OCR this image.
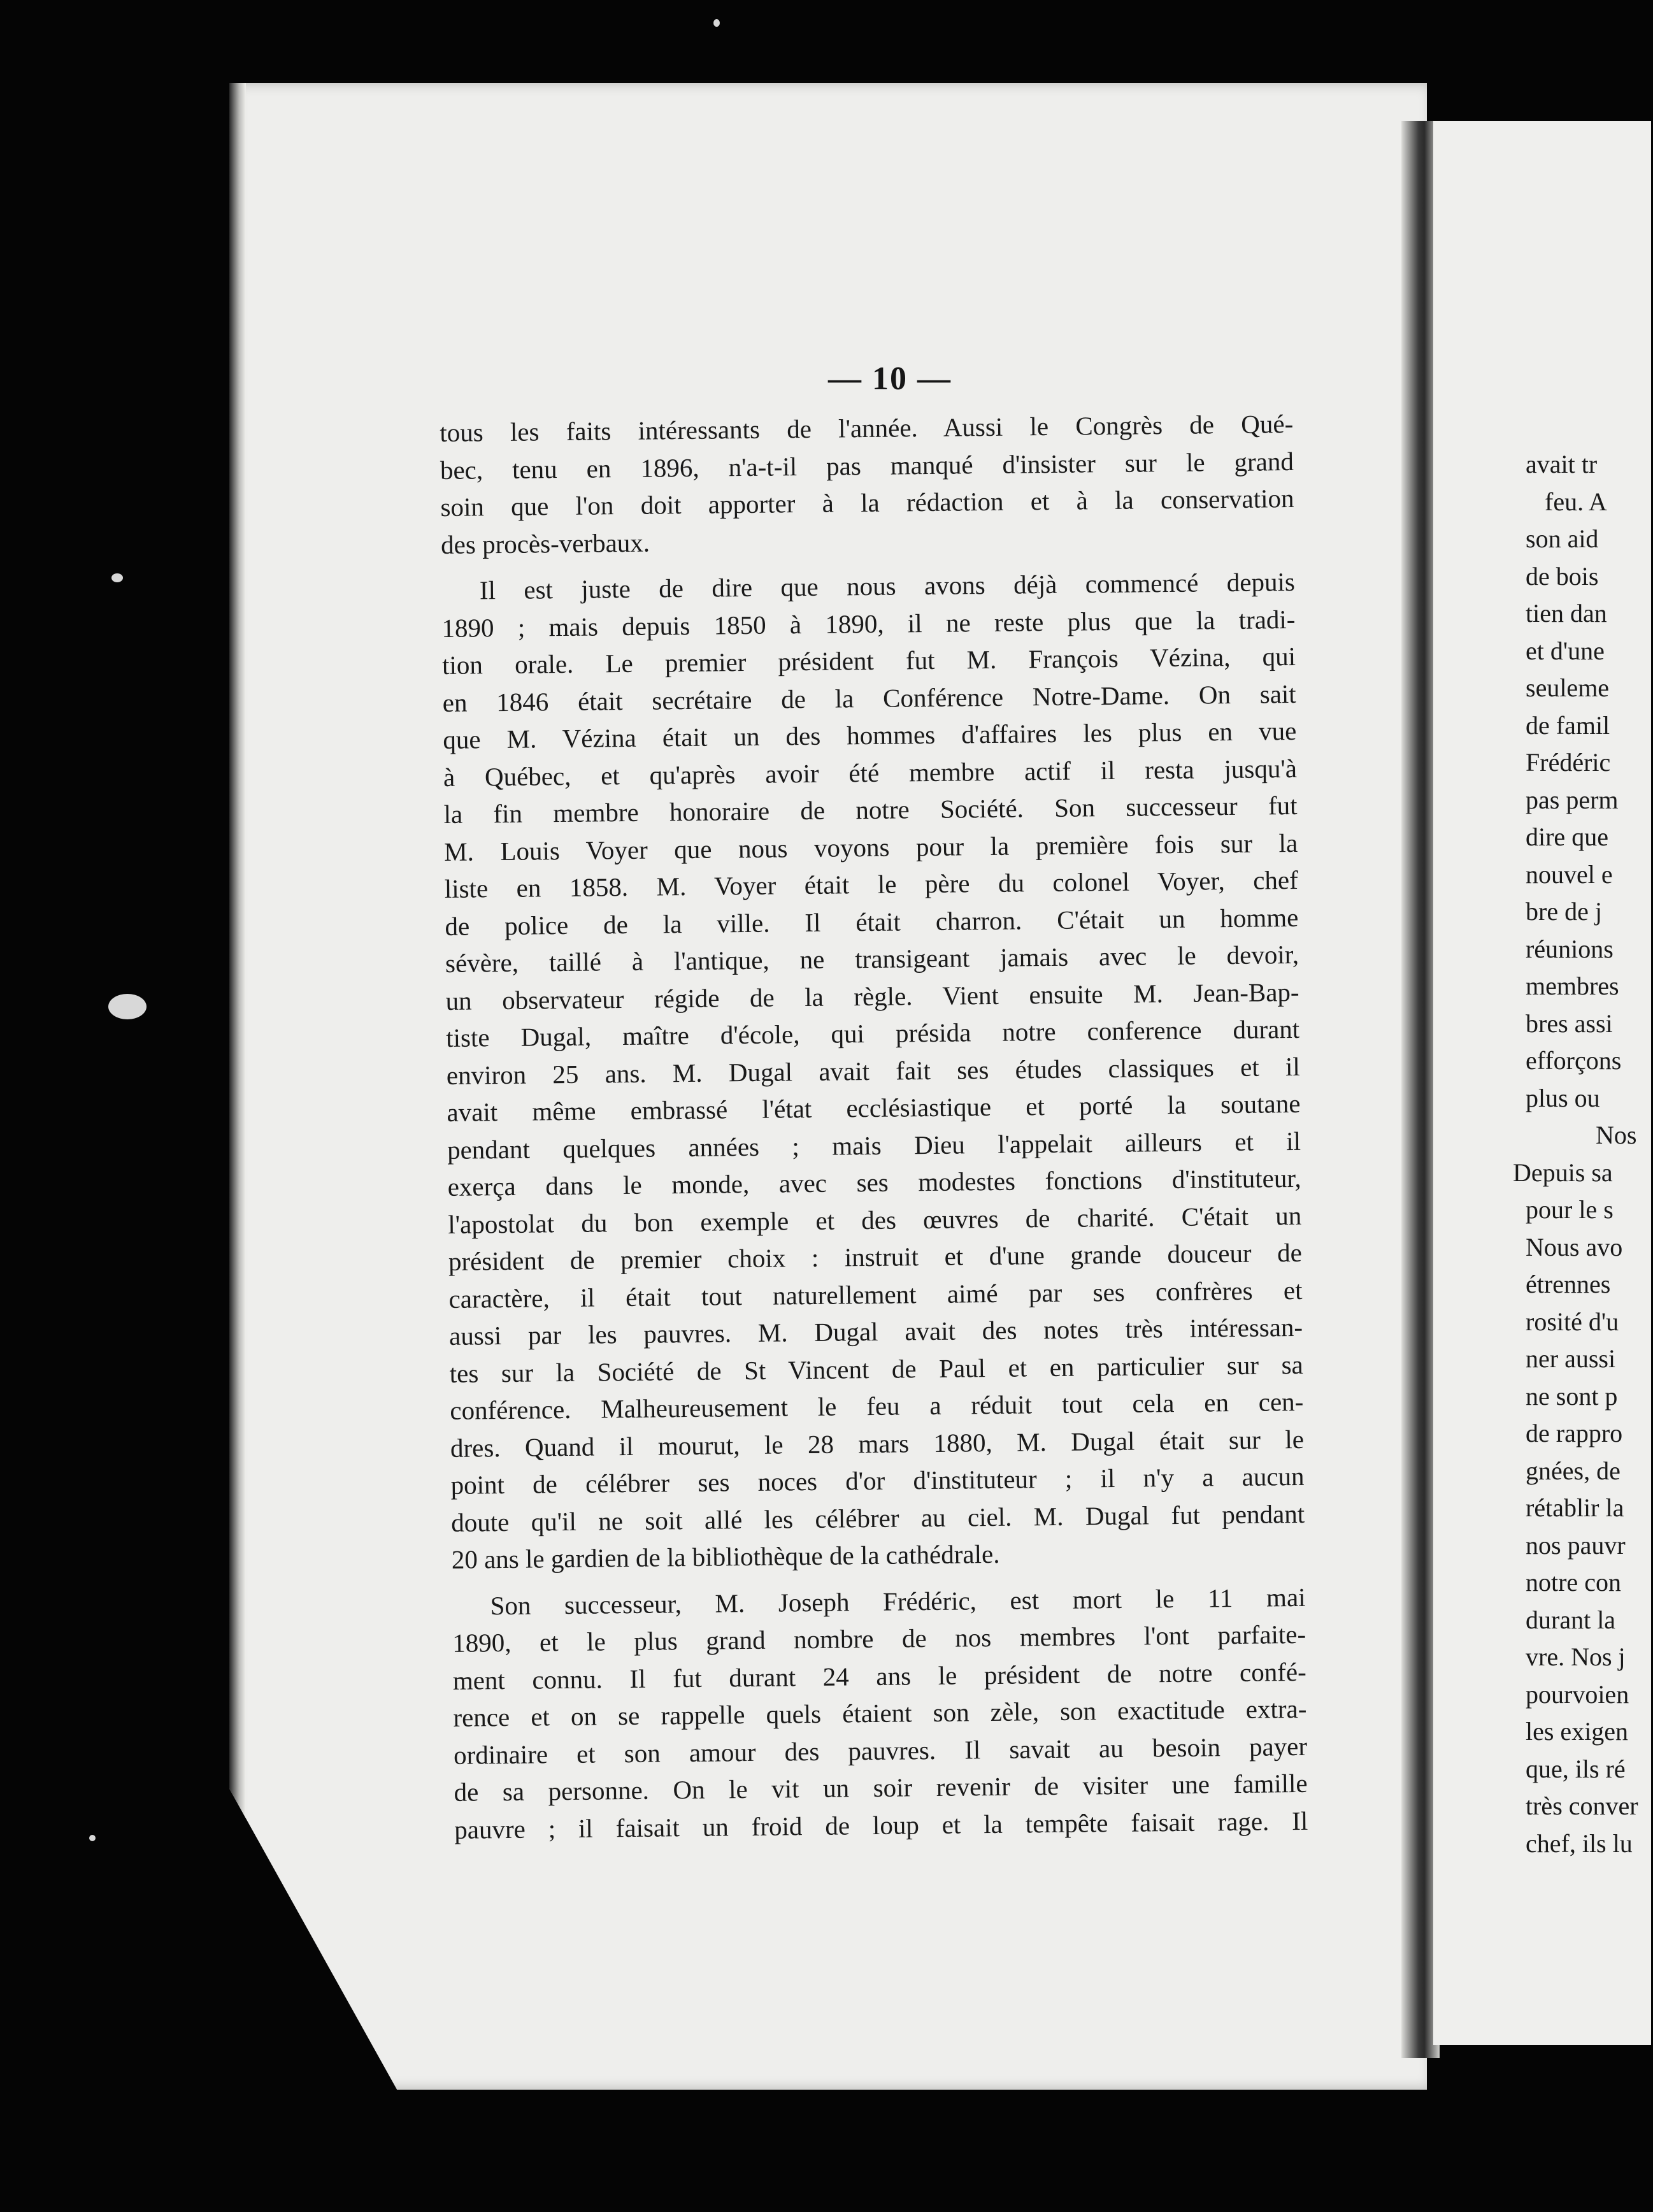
— 10 —
tous les faits intéressants de l'année. Aussi le Congrès de Qué-
bec, tenu en 1896, n'a-t-il pas manqué d'insister sur le grand
soin que l'on doit apporter à la rédaction et à la conservation
des procès-verbaux.
Il est juste de dire que nous avons déjà commencé depuis
1890 ; mais depuis 1850 à 1890, il ne reste plus que la tradi-
tion orale. Le premier président fut M. François Vézina, qui
en 1846 était secrétaire de la Conférence Notre-Dame. On sait
que M. Vézina était un des hommes d'affaires les plus en vue
à Québec, et qu'après avoir été membre actif il resta jusqu'à
la fin membre honoraire de notre Société. Son successeur fut
M. Louis Voyer que nous voyons pour la première fois sur la
liste en 1858. M. Voyer était le père du colonel Voyer, chef
de police de la ville. Il était charron. C'était un homme
sévère, taillé à l'antique, ne transigeant jamais avec le devoir,
un observateur régide de la règle. Vient ensuite M. Jean-Bap-
tiste Dugal, maître d'école, qui présida notre conference durant
environ 25 ans. M. Dugal avait fait ses études classiques et il
avait même embrassé l'état ecclésiastique et porté la soutane
pendant quelques années ; mais Dieu l'appelait ailleurs et il
exerça dans le monde, avec ses modestes fonctions d'instituteur,
l'apostolat du bon exemple et des œuvres de charité. C'était un
président de premier choix : instruit et d'une grande douceur de
caractère, il était tout naturellement aimé par ses confrères et
aussi par les pauvres. M. Dugal avait des notes très intéressan-
tes sur la Société de St Vincent de Paul et en particulier sur sa
conférence. Malheureusement le feu a réduit tout cela en cen-
dres. Quand il mourut, le 28 mars 1880, M. Dugal était sur le
point de célébrer ses noces d'or d'instituteur ; il n'y a aucun
doute qu'il ne soit allé les célébrer au ciel. M. Dugal fut pendant
20 ans le gardien de la bibliothèque de la cathédrale.
Son successeur, M. Joseph Frédéric, est mort le 11 mai
1890, et le plus grand nombre de nos membres l'ont parfaite-
ment connu. Il fut durant 24 ans le président de notre confé-
rence et on se rappelle quels étaient son zèle, son exactitude extra-
ordinaire et son amour des pauvres. Il savait au besoin payer
de sa personne. On le vit un soir revenir de visiter une famille
pauvre ; il faisait un froid de loup et la tempête faisait rage. Il
avait tr
feu. A
son aid
de bois
tien dan
et d'une
seuleme
de famil
Frédéric
pas perm
dire que
nouvel e
bre de j
réunions
membres
bres assi
efforçons
plus ou
Nos
Depuis sa
pour le s
Nous avo
étrennes
rosité d'u
ner aussi
ne sont p
de rappro
gnées, de
rétablir la
nos pauvr
notre con
durant la
vre. Nos j
pourvoien
les exigen
que, ils ré
très conver
chef, ils lu
